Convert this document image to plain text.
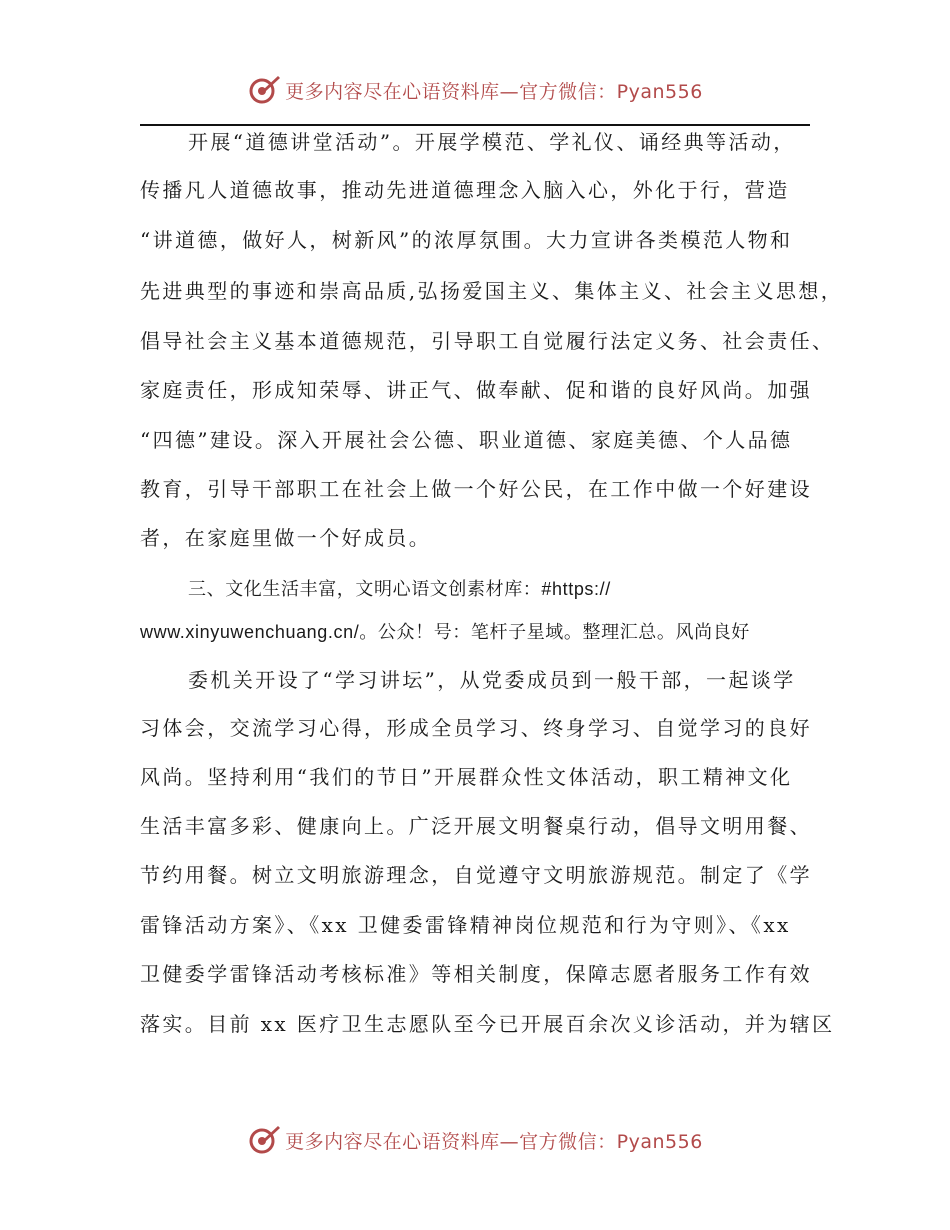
更多内容尽在心语资料库—官方微信：Pyan556
开展“道德讲堂活动”。开展学模范、学礼仪、诵经典等活动，
传播凡人道德故事，推动先进道德理念入脑入心，外化于行，营造
“讲道德，做好人，树新风”的浓厚氛围。大力宣讲各类模范人物和
先进典型的事迹和崇高品质,弘扬爱国主义、集体主义、社会主义思想，
倡导社会主义基本道德规范，引导职工自觉履行法定义务、社会责任、
家庭责任，形成知荣辱、讲正气、做奉献、促和谐的良好风尚。加强
“四德”建设。深入开展社会公德、职业道德、家庭美德、个人品德
教育，引导干部职工在社会上做一个好公民，在工作中做一个好建设
者，在家庭里做一个好成员。
三、文化生活丰富，文明心语文创素材库：#https://
www.xinyuwenchuang.cn/。公众！号：笔杆子星域。整理汇总。风尚良好
委机关开设了“学习讲坛”，从党委成员到一般干部，一起谈学
习体会，交流学习心得，形成全员学习、终身学习、自觉学习的良好
风尚。坚持利用“我们的节日”开展群众性文体活动，职工精神文化
生活丰富多彩、健康向上。广泛开展文明餐桌行动，倡导文明用餐、
节约用餐。树立文明旅游理念，自觉遵守文明旅游规范。制定了《学
雷锋活动方案》、《xx 卫健委雷锋精神岗位规范和行为守则》、《xx
卫健委学雷锋活动考核标准》等相关制度，保障志愿者服务工作有效
落实。目前 xx 医疗卫生志愿队至今已开展百余次义诊活动，并为辖区
更多内容尽在心语资料库—官方微信：Pyan556
